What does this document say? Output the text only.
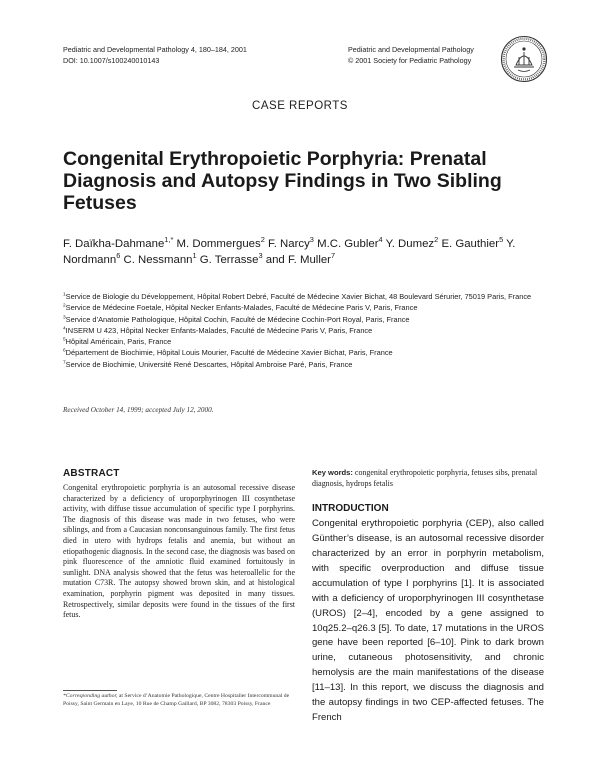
Pediatric and Developmental Pathology 4, 180–184, 2001
DOI: 10.1007/s100240010143
Pediatric and Developmental Pathology
© 2001 Society for Pediatric Pathology
CASE REPORTS
Congenital Erythropoietic Porphyria: Prenatal Diagnosis and Autopsy Findings in Two Sibling Fetuses
F. Daïkha-Dahmane$^{1,*}$ M. Dommergues$^2$ F. Narcy$^3$ M.C. Gubler$^4$ Y. Dumez$^2$ E. Gauthier$^5$ Y. Nordmann$^6$ C. Nessmann$^1$ G. Terrasse$^3$ and F. Muller$^7$

$^1$Service de Biologie du Développement, Hôpital Robert Debré, Faculté de Médecine Xavier Bichat, 48 Boulevard Sérurier, 75019 Paris, France

$^2$Service de Médecine Foetale, Hôpital Necker Enfants-Malades, Faculté de Médecine Paris V, Paris, France

$^3$Service d’Anatomie Pathologique, Hôpital Cochin, Faculté de Médecine Cochin-Port Royal, Paris, France

$^4$INSERM U 423, Hôpital Necker Enfants-Malades, Faculté de Médecine Paris V, Paris, France

$^5$Hôpital Américain, Paris, France

$^6$Département de Biochimie, Hôpital Louis Mourier, Faculté de Médecine Xavier Bichat, Paris, France

$^7$Service de Biochimie, Université René Descartes, Hôpital Ambroise Paré, Paris, France

Received October 14, 1999; accepted July 12, 2000.
ABSTRACT

Congenital erythropoietic porphyria is an autosomal recessive disease characterized by a deficiency of uroporphyrinogen III cosynthetase activity, with diffuse tissue accumulation of specific type I porphyrins. The diagnosis of this disease was made in two fetuses, who were siblings, and from a Caucasian nonconsanguinous family. The first fetus died in utero with hydrops fetalis and anemia, but without an etiopathogenic diagnosis. In the second case, the diagnosis was based on pink fluorescence of the amniotic fluid examined fortuitously in sunlight. DNA analysis showed that the fetus was heteroallelic for the mutation C73R. The autopsy showed brown skin, and at histological examination, porphyrin pigment was deposited in many tissues. Retrospectively, similar deposits were found in the tissues of the first fetus.

Key words: congenital erythropoietic porphyria, fetuses sibs, prenatal diagnosis, hydrops fetalis

INTRODUCTION

Congenital erythropoietic porphyria (CEP), also called Günther’s disease, is an autosomal recessive disorder characterized by an error in porphyrin metabolism, with specific overproduction and diffuse tissue accumulation of type I porphyrins [1]. It is associated with a deficiency of uroporphyrinogen III cosynthetase (UROS) [2–4], encoded by a gene assigned to 10q25.2–q26.3 [5]. To date, 17 mutations in the UROS gene have been reported [6–10]. Pink to dark brown urine, cutaneous photosensitivity, and chronic hemolysis are the main manifestations of the disease [11–13]. In this report, we discuss the diagnosis and the autopsy findings in two CEP-affected fetuses. The French

*Corresponding author, at Service d’Anatomie Pathologique, Centre Hospitalier Intercommunal de Poissy, Saint Germain en Laye, 10 Rue de Champ Gaillard, BP 3082, 78303 Poissy, France
